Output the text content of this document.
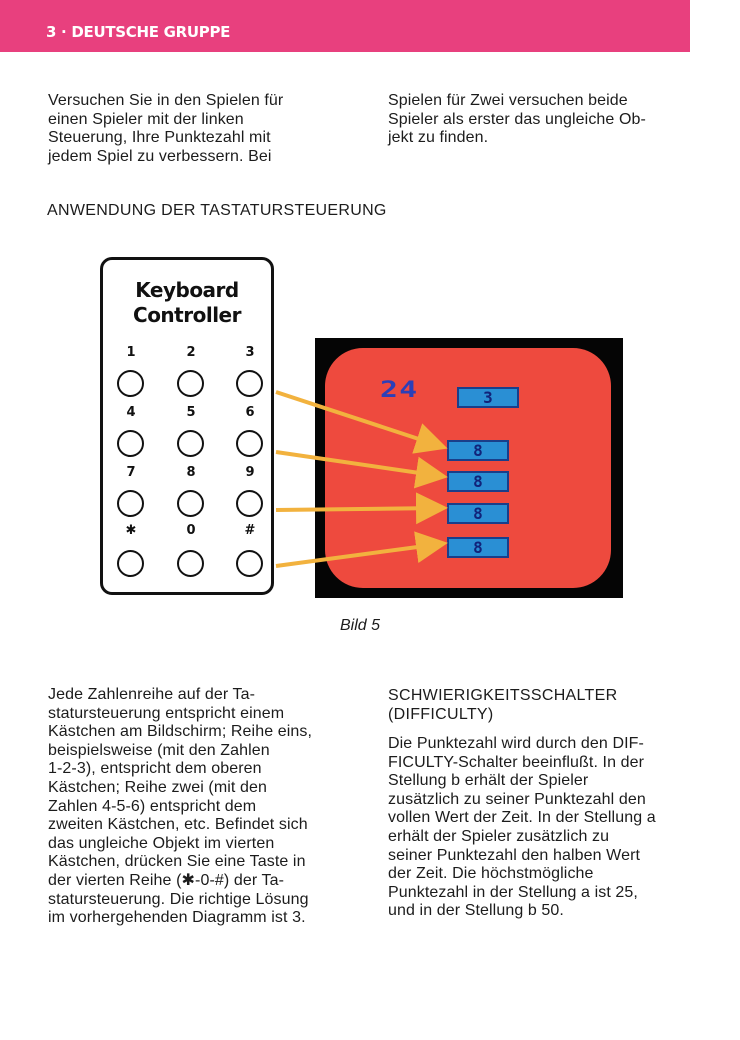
3 · DEUTSCHE GRUPPE

Versuchen Sie in den Spielen für
einen Spieler mit der linken
Steuerung, Ihre Punktezahl mit
jedem Spiel zu verbessern. Bei

Spielen für Zwei versuchen beide
Spieler als erster das ungleiche Ob-
jekt zu finden.

ANWENDUNG DER TASTATURSTEUERUNG
Keyboard
Controller
1	2	3
4	5	6
7	8	9
✱	0	#
24	3
8
8
8
8
Bild 5

Jede Zahlenreihe auf der Ta-
statursteuerung entspricht einem
Kästchen am Bildschirm; Reihe eins,
beispielsweise (mit den Zahlen
1-2-3), entspricht dem oberen
Kästchen; Reihe zwei (mit den
Zahlen 4-5-6) entspricht dem
zweiten Kästchen, etc. Befindet sich
das ungleiche Objekt im vierten
Kästchen, drücken Sie eine Taste in
der vierten Reihe (✱-0-#) der Ta-
statursteuerung. Die richtige Lösung
im vorhergehenden Diagramm ist 3.

SCHWIERIGKEITSSCHALTER
(DIFFICULTY)

Die Punktezahl wird durch den DIF-
FICULTY-Schalter beeinflußt. In der
Stellung b erhält der Spieler
zusätzlich zu seiner Punktezahl den
vollen Wert der Zeit. In der Stellung a
erhält der Spieler zusätzlich zu
seiner Punktezahl den halben Wert
der Zeit. Die höchstmögliche
Punktezahl in der Stellung a ist 25,
und in der Stellung b 50.
